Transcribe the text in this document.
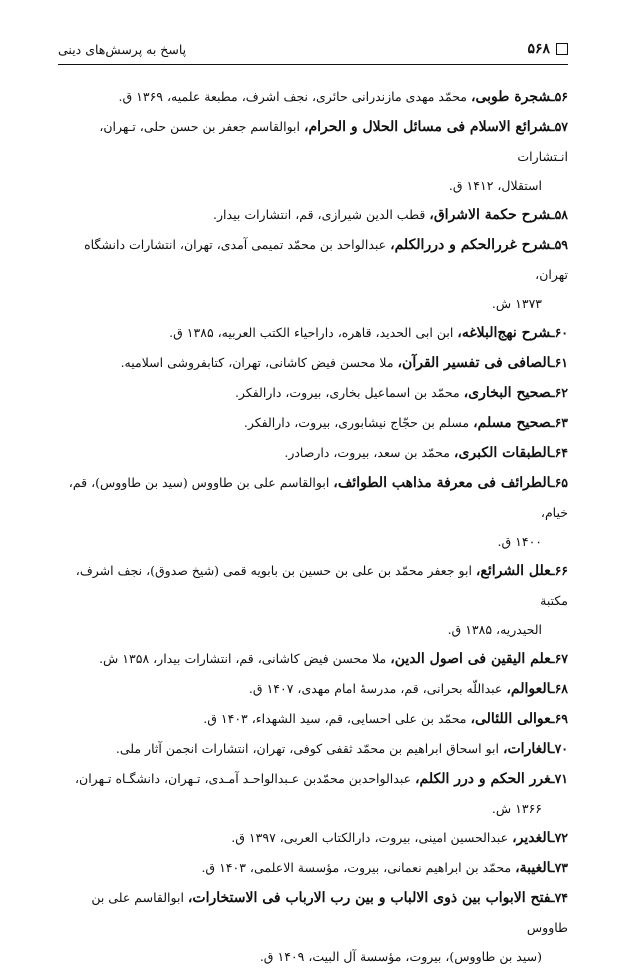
۵۶۸
پاسخ به پرسش‌های دینی
۵۶ـشجرة طوبی، محمّد مهدی مازندرانی حائری، نجف اشرف، مطبعة علمیه، ۱۳۶۹ ق.
۵۷ـشرائع الاسلام فی مسائل الحلال و الحرام، ابوالقاسم جعفر بن حسن حلی، تـهران، انـتشارات
استقلال، ۱۴۱۲ ق.
۵۸ـشرح حکمة الاشراق، قطب الدین شیرازی، قم، انتشارات بیدار.
۵۹ـشرح غررالحکم و دررالکلم، عبدالواحد بن محمّد تمیمی آمدی، تهران، انتشارات دانشگاه تهران،
۱۳۷۳ ش.
۶۰ـشرح نهج‌البلاغه، ابن ابی الحدید، قاهره، داراحیاء الکتب العربیه، ۱۳۸۵ ق.
۶۱ـالصافی فی تفسیر القرآن، ملا محسن فیض کاشانی، تهران، کتابفروشی اسلامیه.
۶۲ـصحیح البخاری، محمّد بن اسماعیل بخاری، بیروت، دارالفکر.
۶۳ـصحیح مسلم، مسلم بن حجّاج نیشابوری، بیروت، دارالفکر.
۶۴ـالطبقات الکبری، محمّد بن سعد، بیروت، دارصادر.
۶۵ـالطرائف فی معرفة مذاهب الطوائف، ابوالقاسم علی بن طاووس (سید بن طاووس)، قم، خیام،
۱۴۰۰ ق.
۶۶ـعلل الشرائع، ابو جعفر محمّد بن علی بن حسین بن بابویه قمی (شیخ صدوق)، نجف اشرف، مکتبة
الحیدریه، ۱۳۸۵ ق.
۶۷ـعلم الیقین فی اصول الدین، ملا محسن فیض کاشانی، قم، انتشارات بیدار، ۱۳۵۸ ش.
۶۸ـالعوالم، عبداللّه بحرانی، قم، مدرسهٔ امام مهدی، ۱۴۰۷ ق.
۶۹ـعوالی اللئالی، محمّد بن علی احسایی، قم، سید الشهداء، ۱۴۰۳ ق.
۷۰ـالغارات، ابو اسحاق ابراهیم بن محمّد ثقفی کوفی، تهران، انتشارات انجمن آثار ملی.
۷۱ـغرر الحکم و درر الکلم، عبدالواحدبن محمّدبن عـبدالواحـد آمـدی، تـهران، دانشگـاه تـهران،
۱۳۶۶ ش.
۷۲ـالغدیر، عبدالحسین امینی، بیروت، دارالکتاب العربی، ۱۳۹۷ ق.
۷۳ـالغیبة، محمّد بن ابراهیم نعمانی، بیروت، مؤسسة الاعلمی، ۱۴۰۳ ق.
۷۴ـفتح الابواب بین ذوی الالباب و بین رب الارباب فی الاستخارات، ابوالقاسم علی بن طاووس
(سید بن طاووس)، بیروت، مؤسسة آل البیت، ۱۴۰۹ ق.
